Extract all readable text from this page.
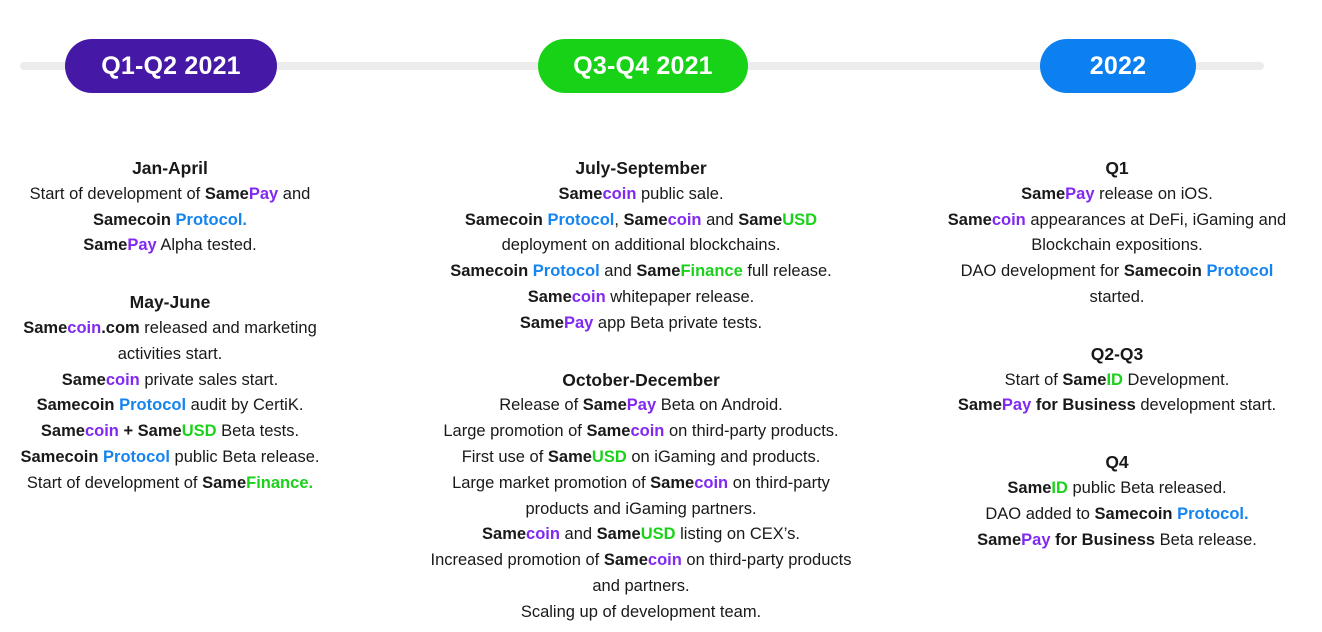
Q1-Q2 2021	Q3-Q4 2021	2022
Jan-April

Start of development of SamePay and Samecoin Protocol.

SamePay Alpha tested.

May-June

Samecoin.com released and marketing activities start.

Samecoin private sales start.

Samecoin Protocol audit by CertiK.

Samecoin + SameUSD Beta tests.

Samecoin Protocol public Beta release.

Start of development of SameFinance.

July-September

Samecoin public sale.

Samecoin Protocol, Samecoin and SameUSD deployment on additional blockchains.

Samecoin Protocol and SameFinance full release.

Samecoin whitepaper release.

SamePay app Beta private tests.

October-December

Release of SamePay Beta on Android.

Large promotion of Samecoin on third-party products.

First use of SameUSD on iGaming and products.

Large market promotion of Samecoin on third-party products and iGaming partners.

Samecoin and SameUSD listing on CEX’s.

Increased promotion of Samecoin on third-party products and partners.

Scaling up of development team.

Q1

SamePay release on iOS.

Samecoin appearances at DeFi, iGaming and Blockchain expositions.

DAO development for Samecoin Protocol started.

Q2-Q3

Start of SameID Development.

SamePay for Business development start.

Q4

SameID public Beta released.

DAO added to Samecoin Protocol.

SamePay for Business Beta release.
